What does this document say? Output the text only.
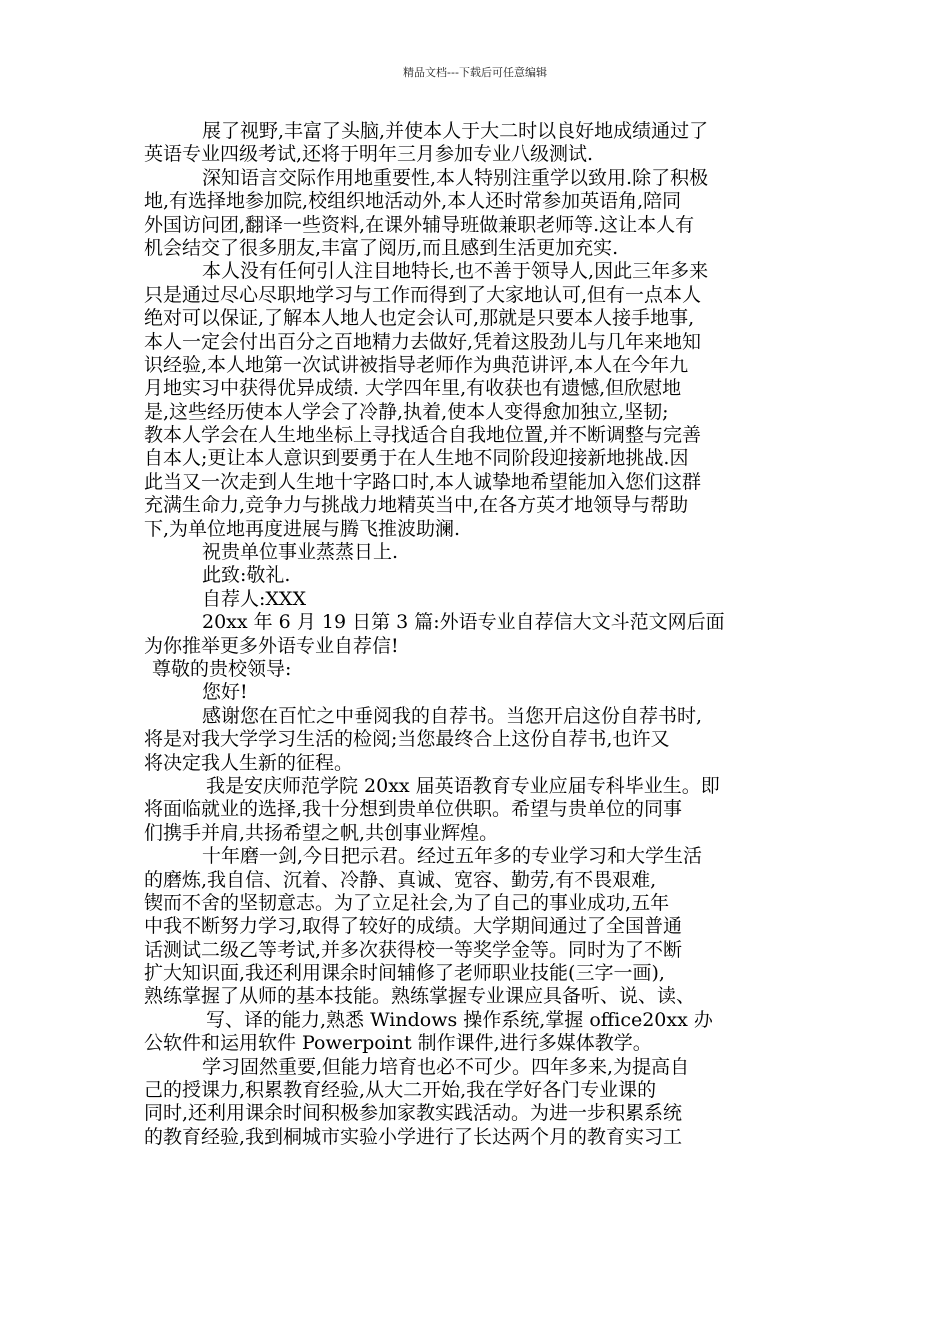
精品文档---下载后可任意编辑
展了视野,丰富了头脑,并使本人于大二时以良好地成绩通过了
英语专业四级考试,还将于明年三月参加专业八级测试.
深知语言交际作用地重要性,本人特别注重学以致用.除了积极
地,有选择地参加院,校组织地活动外,本人还时常参加英语角,陪同
外国访问团,翻译一些资料,在课外辅导班做兼职老师等.这让本人有
机会结交了很多朋友,丰富了阅历,而且感到生活更加充实.
本人没有任何引人注目地特长,也不善于领导人,因此三年多来
只是通过尽心尽职地学习与工作而得到了大家地认可,但有一点本人
绝对可以保证,了解本人地人也定会认可,那就是只要本人接手地事,
本人一定会付出百分之百地精力去做好,凭着这股劲儿与几年来地知
识经验,本人地第一次试讲被指导老师作为典范讲评,本人在今年九
月地实习中获得优异成绩. 大学四年里,有收获也有遗憾,但欣慰地
是,这些经历使本人学会了冷静,执着,使本人变得愈加独立,坚韧;
教本人学会在人生地坐标上寻找适合自我地位置,并不断调整与完善
自本人;更让本人意识到要勇于在人生地不同阶段迎接新地挑战.因
此当又一次走到人生地十字路口时,本人诚挚地希望能加入您们这群
充满生命力,竞争力与挑战力地精英当中,在各方英才地领导与帮助
下,为单位地再度进展与腾飞推波助澜.
祝贵单位事业蒸蒸日上.
此致:敬礼.
自荐人:XXX
20xx 年 6 月 19 日第 3 篇:外语专业自荐信大文斗范文网后面
为你推举更多外语专业自荐信!
尊敬的贵校领导:
您好!
感谢您在百忙之中垂阅我的自荐书。当您开启这份自荐书时,
将是对我大学学习生活的检阅;当您最终合上这份自荐书,也许又
将决定我人生新的征程。
我是安庆师范学院 20xx 届英语教育专业应届专科毕业生。即
将面临就业的选择,我十分想到贵单位供职。希望与贵单位的同事
们携手并肩,共扬希望之帆,共创事业辉煌。
十年磨一剑,今日把示君。经过五年多的专业学习和大学生活
的磨炼,我自信、沉着、冷静、真诚、宽容、勤劳,有不畏艰难,
锲而不舍的坚韧意志。为了立足社会,为了自己的事业成功,五年
中我不断努力学习,取得了较好的成绩。大学期间通过了全国普通
话测试二级乙等考试,并多次获得校一等奖学金等。同时为了不断
扩大知识面,我还利用课余时间辅修了老师职业技能(三字一画),
熟练掌握了从师的基本技能。熟练掌握专业课应具备听、说、读、
写、译的能力,熟悉 Windows 操作系统,掌握 office20xx 办
公软件和运用软件 Powerpoint 制作课件,进行多媒体教学。
学习固然重要,但能力培育也必不可少。四年多来,为提高自
己的授课力,积累教育经验,从大二开始,我在学好各门专业课的
同时,还利用课余时间积极参加家教实践活动。为进一步积累系统
的教育经验,我到桐城市实验小学进行了长达两个月的教育实习工
